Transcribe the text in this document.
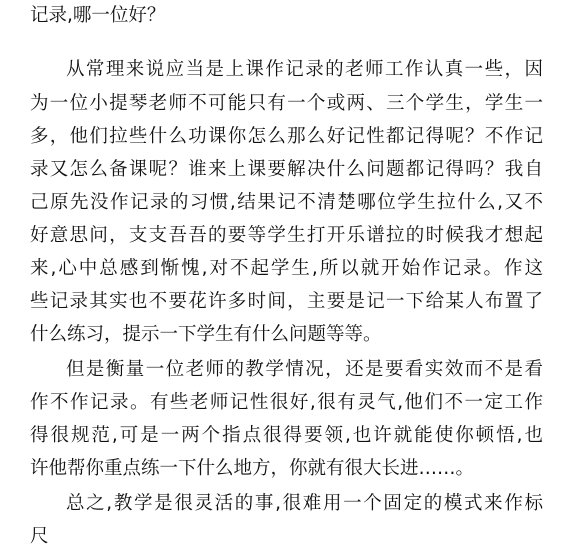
记录,哪一位好？
从常理来说应当是上课作记录的老师工作认真一些，因
为一位小提琴老师不可能只有一个或两、三个学生，学生一
多，他们拉些什么功课你怎么那么好记性都记得呢？不作记
录又怎么备课呢？谁来上课要解决什么问题都记得吗？我自
己原先没作记录的习惯,结果记不清楚哪位学生拉什么,又不
好意思问，支支吾吾的要等学生打开乐谱拉的时候我才想起
来,心中总感到惭愧,对不起学生,所以就开始作记录。作这
些记录其实也不要花许多时间，主要是记一下给某人布置了
什么练习，提示一下学生有什么问题等等。
但是衡量一位老师的教学情况，还是要看实效而不是看
作不作记录。有些老师记性很好,很有灵气,他们不一定工作
得很规范,可是一两个指点很得要领,也许就能使你顿悟,也
许他帮你重点练一下什么地方，你就有很大长进……。
总之,教学是很灵活的事,很难用一个固定的模式来作标
尺
